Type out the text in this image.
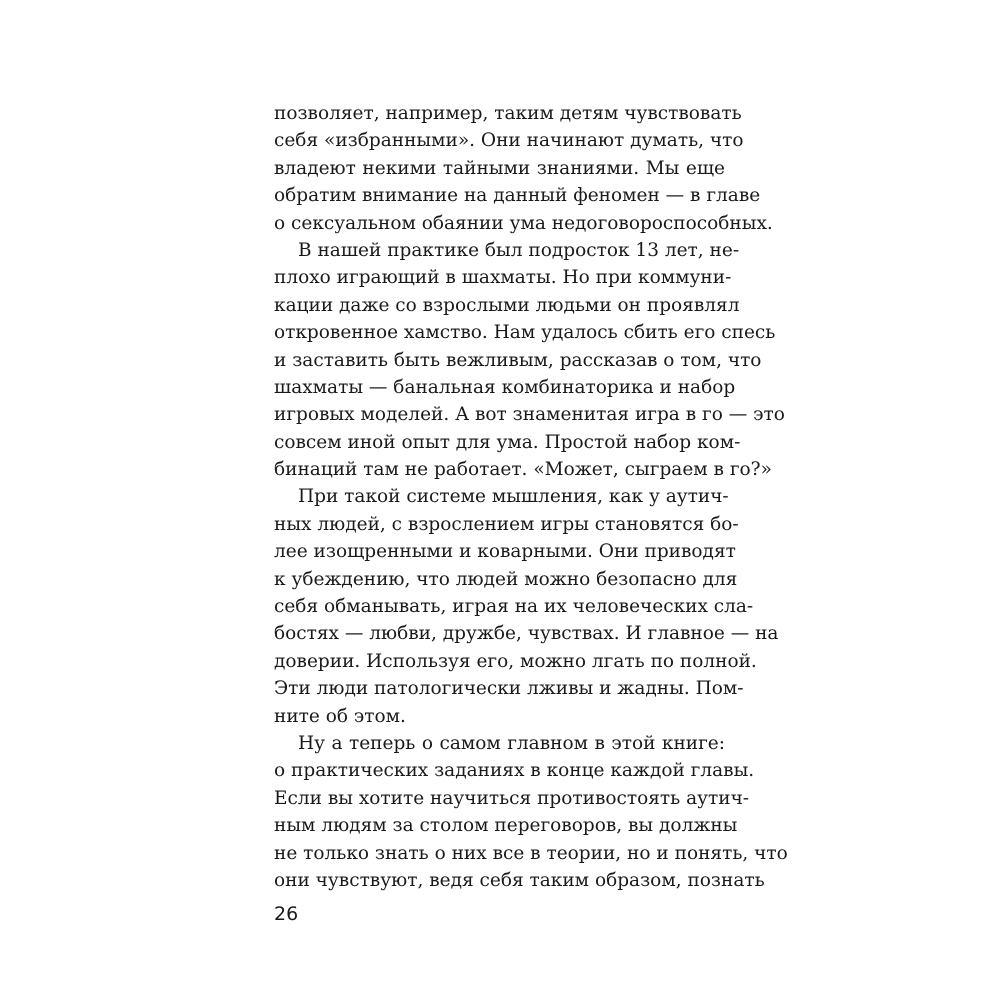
позволяет, например, таким детям чувствовать
себя «избранными». Они начинают думать, что
владеют некими тайными знаниями. Мы еще
обратим внимание на данный феномен — в главе
о сексуальном обаянии ума недоговороспособных.
В нашей практике был подросток 13 лет, не-
плохо играющий в шахматы. Но при коммуни-
кации даже со взрослыми людьми он проявлял
откровенное хамство. Нам удалось сбить его спесь
и заставить быть вежливым, рассказав о том, что
шахматы — банальная комбинаторика и набор
игровых моделей. А вот знаменитая игра в го — это
совсем иной опыт для ума. Простой набор ком-
бинаций там не работает. «Может, сыграем в го?»
При такой системе мышления, как у аутич-
ных людей, с взрослением игры становятся бо-
лее изощренными и коварными. Они приводят
к убеждению, что людей можно безопасно для
себя обманывать, играя на их человеческих сла-
бостях — любви, дружбе, чувствах. И главное — на
доверии. Используя его, можно лгать по полной.
Эти люди патологически лживы и жадны. Пом-
ните об этом.
Ну а теперь о самом главном в этой книге:
о практических заданиях в конце каждой главы.
Если вы хотите научиться противостоять аутич-
ным людям за столом переговоров, вы должны
не только знать о них все в теории, но и понять, что
они чувствуют, ведя себя таким образом, познать
26
